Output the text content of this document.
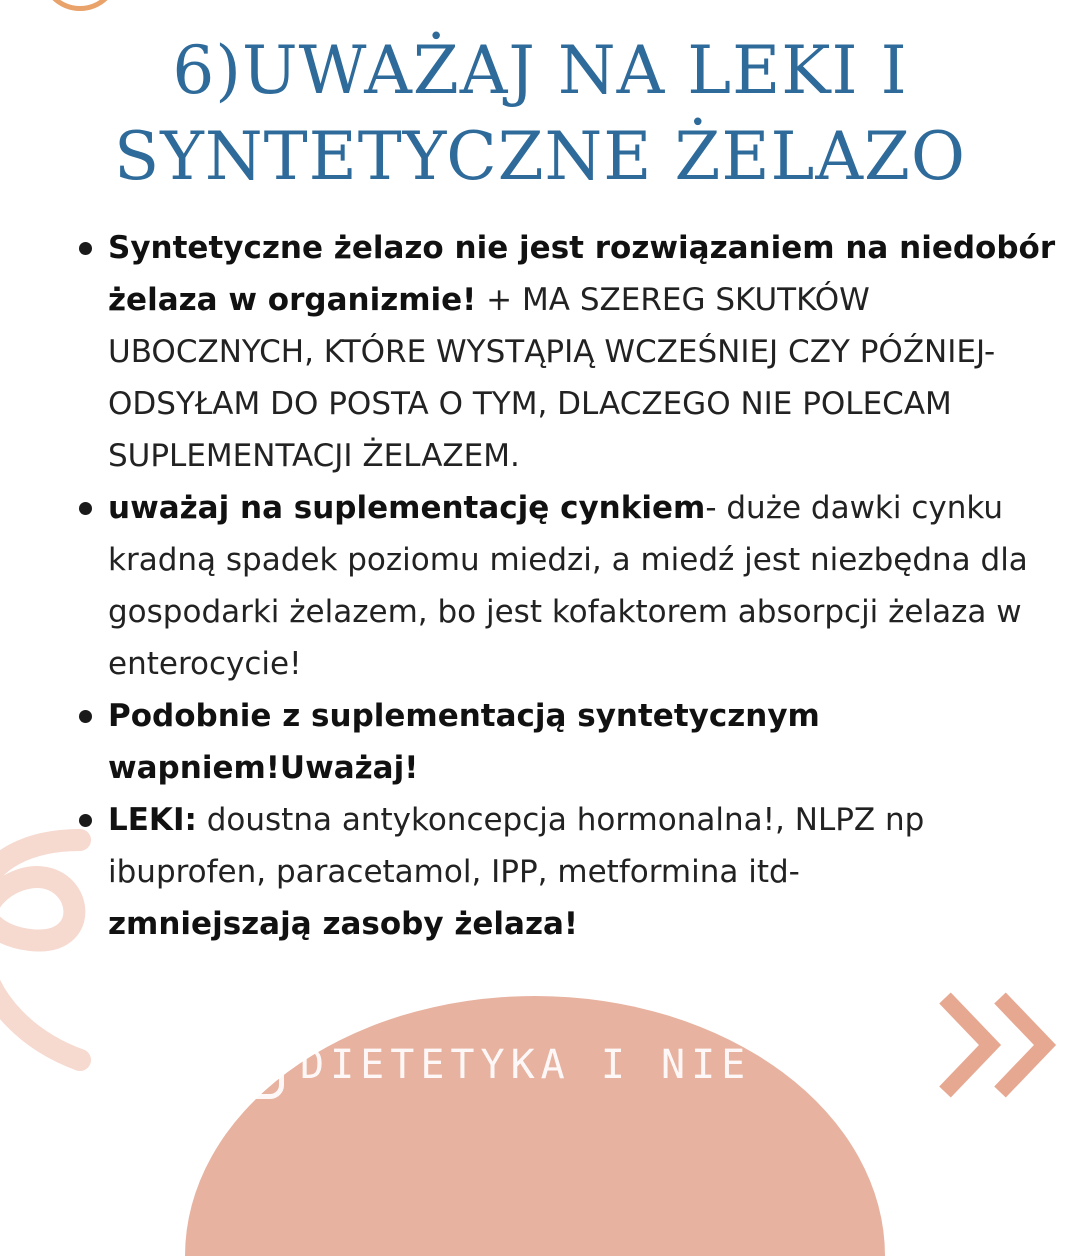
6)UWAŻAJ NA LEKI I
SYNTETYCZNE ŻELAZO
Syntetyczne żelazo nie jest rozwiązaniem na niedobór żelaza w organizmie! + MA SZEREG SKUTKÓW UBOCZNYCH, KTÓRE WYSTĄPIĄ WCZEŚNIEJ CZY PÓŹNIEJ- ODSYŁAM DO POSTA O TYM, DLACZEGO NIE POLECAM SUPLEMENTACJI ŻELAZEM.
uważaj na suplementację cynkiem- duże dawki cynku kradną spadek poziomu miedzi, a miedź jest niezbędna dla gospodarki żelazem, bo jest kofaktorem absorpcji żelaza w enterocycie!
Podobnie z suplementacją syntetycznym wapniem!Uważaj!
LEKI: doustna antykoncepcja hormonalna!, NLPZ np ibuprofen, paracetamol, IPP, metformina itd-
zmniejszają zasoby żelaza!
DIETETYKA I NIE TYLKO
